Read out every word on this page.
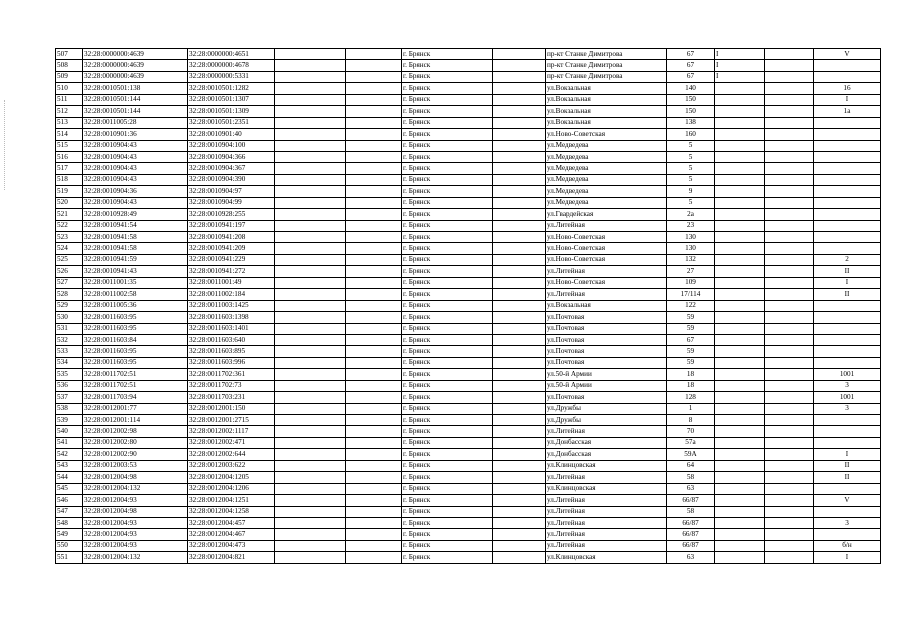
507	32:28:0000000:4639	32:28:0000000:4651			г. Брянск		пр-кт Станке Димитрова	67	I		V
508	32:28:0000000:4639	32:28:0000000:4678			г. Брянск		пр-кт Станке Димитрова	67	I		
509	32:28:0000000:4639	32:28:0000000:5331			г. Брянск		пр-кт Станке Димитрова	67	I		
510	32:28:0010501:138	32:28:0010501:1282			г. Брянск		ул.Вокзальная	140			16
511	32:28:0010501:144	32:28:0010501:1307			г. Брянск		ул.Вокзальная	150			I
512	32:28:0010501:144	32:28:0010501:1309			г. Брянск		ул.Вокзальная	150			1a
513	32:28:0011005:28	32:28:0010501:2351			г. Брянск		ул.Вокзальная	138			
514	32:28:0010901:36	32:28:0010901:40			г. Брянск		ул.Ново-Советская	160			
515	32:28:0010904:43	32:28:0010904:100			г. Брянск		ул.Медведева	5			
516	32:28:0010904:43	32:28:0010904:366			г. Брянск		ул.Медведева	5			
517	32:28:0010904:43	32:28:0010904:367			г. Брянск		ул.Медведева	5			
518	32:28:0010904:43	32:28:0010904:390			г. Брянск		ул.Медведева	5			
519	32:28:0010904:36	32:28:0010904:97			г. Брянск		ул.Медведева	9			
520	32:28:0010904:43	32:28:0010904:99			г. Брянск		ул.Медведева	5			
521	32:28:0010928:49	32:28:0010928:255			г. Брянск		ул.Гвардейская	2a			
522	32:28:0010941:54	32:28:0010941:197			г. Брянск		ул.Литейная	23			
523	32:28:0010941:58	32:28:0010941:208			г. Брянск		ул.Ново-Советская	130			
524	32:28:0010941:58	32:28:0010941:209			г. Брянск		ул.Ново-Советская	130			
525	32:28:0010941:59	32:28:0010941:229			г. Брянск		ул.Ново-Советская	132			2
526	32:28:0010941:43	32:28:0010941:272			г. Брянск		ул.Литейная	27			II
527	32:28:0011001:35	32:28:0011001:49			г. Брянск		ул.Ново-Советская	109			I
528	32:28:0011002:58	32:28:0011002:184			г. Брянск		ул.Литейная	17/114			II
529	32:28:0011005:36	32:28:0011003:1425			г. Брянск		ул.Вокзальная	122			
530	32:28:0011603:95	32:28:0011603:1398			г. Брянск		ул.Почтовая	59			
531	32:28:0011603:95	32:28:0011603:1401			г. Брянск		ул.Почтовая	59			
532	32:28:0011603:84	32:28:0011603:640			г. Брянск		ул.Почтовая	67			
533	32:28:0011603:95	32:28:0011603:895			г. Брянск		ул.Почтовая	59			
534	32:28:0011603:95	32:28:0011603:996			г. Брянск		ул.Почтовая	59			
535	32:28:0011702:51	32:28:0011702:361			г. Брянск		ул.50-й Армии	18			1001
536	32:28:0011702:51	32:28:0011702:73			г. Брянск		ул.50-й Армии	18			3
537	32:28:0011703:94	32:28:0011703:231			г. Брянск		ул.Почтовая	128			1001
538	32:28:0012001:77	32:28:0012001:150			г. Брянск		ул.Дружбы	1			3
539	32:28:0012001:114	32:28:0012001:2715			г. Брянск		ул.Дружбы	8			
540	32:28:0012002:98	32:28:0012002:1117			г. Брянск		ул.Литейная	70			
541	32:28:0012002:80	32:28:0012002:471			г. Брянск		ул.Донбасская	57a			
542	32:28:0012002:90	32:28:0012002:644			г. Брянск		ул.Донбасская	59A			I
543	32:28:0012003:53	32:28:0012003:622			г. Брянск		ул.Клинцовская	64			II
544	32:28:0012004:98	32:28:0012004:1205			г. Брянск		ул.Литейная	58			II
545	32:28:0012004:132	32:28:0012004:1206			г. Брянск		ул.Клинцовская	63			
546	32:28:0012004:93	32:28:0012004:1251			г. Брянск		ул.Литейная	66/87			V
547	32:28:0012004:98	32:28:0012004:1258			г. Брянск		ул.Литейная	58			
548	32:28:0012004:93	32:28:0012004:457			г. Брянск		ул.Литейная	66/87			3
549	32:28:0012004:93	32:28:0012004:467			г. Брянск		ул.Литейная	66/87			
550	32:28:0012004:93	32:28:0012004:473			г. Брянск		ул.Литейная	66/87			б/н
551	32:28:0012004:132	32:28:0012004:821			г. Брянск		ул.Клинцовская	63			I
